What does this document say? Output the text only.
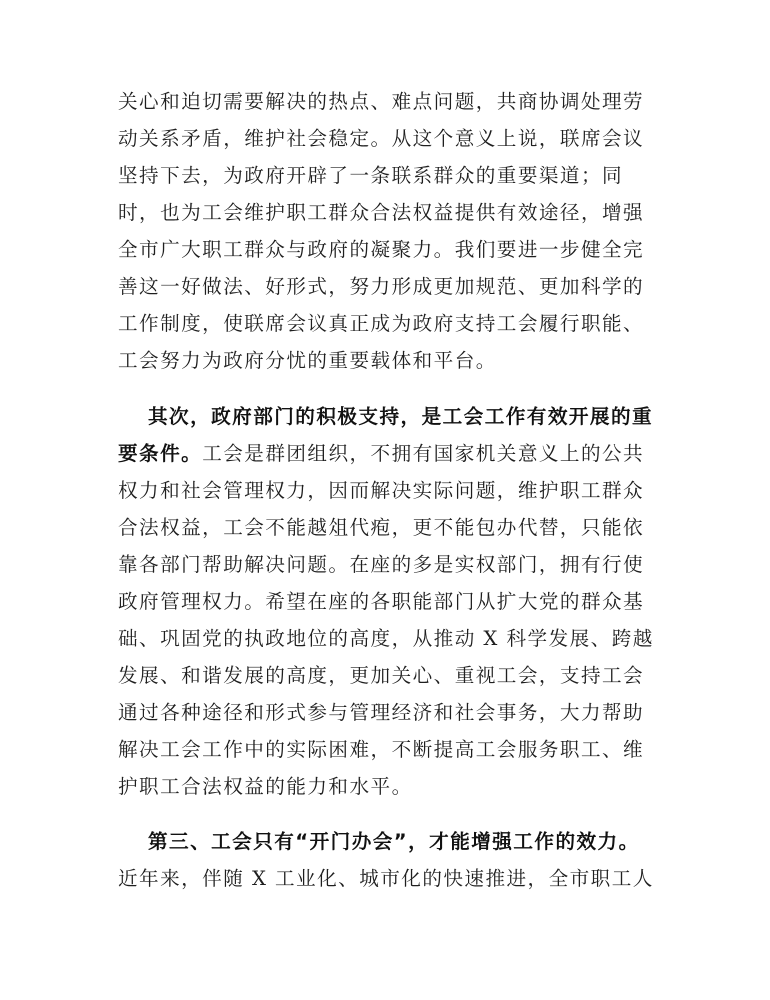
关心和迫切需要解决的热点、难点问题，共商协调处理劳
动关系矛盾，维护社会稳定。从这个意义上说，联席会议
坚持下去，为政府开辟了一条联系群众的重要渠道；同
时，也为工会维护职工群众合法权益提供有效途径，增强
全市广大职工群众与政府的凝聚力。我们要进一步健全完
善这一好做法、好形式，努力形成更加规范、更加科学的
工作制度，使联席会议真正成为政府支持工会履行职能、
工会努力为政府分忧的重要载体和平台。
其次，政府部门的积极支持，是工会工作有效开展的重
要条件。工会是群团组织，不拥有国家机关意义上的公共
权力和社会管理权力，因而解决实际问题，维护职工群众
合法权益，工会不能越俎代疱，更不能包办代替，只能依
靠各部门帮助解决问题。在座的多是实权部门，拥有行使
政府管理权力。希望在座的各职能部门从扩大党的群众基
础、巩固党的执政地位的高度，从推动 X 科学发展、跨越
发展、和谐发展的高度，更加关心、重视工会，支持工会
通过各种途径和形式参与管理经济和社会事务，大力帮助
解决工会工作中的实际困难，不断提高工会服务职工、维
护职工合法权益的能力和水平。
第三、工会只有“开门办会”，才能增强工作的效力。
近年来，伴随 X 工业化、城市化的快速推进，全市职工人
